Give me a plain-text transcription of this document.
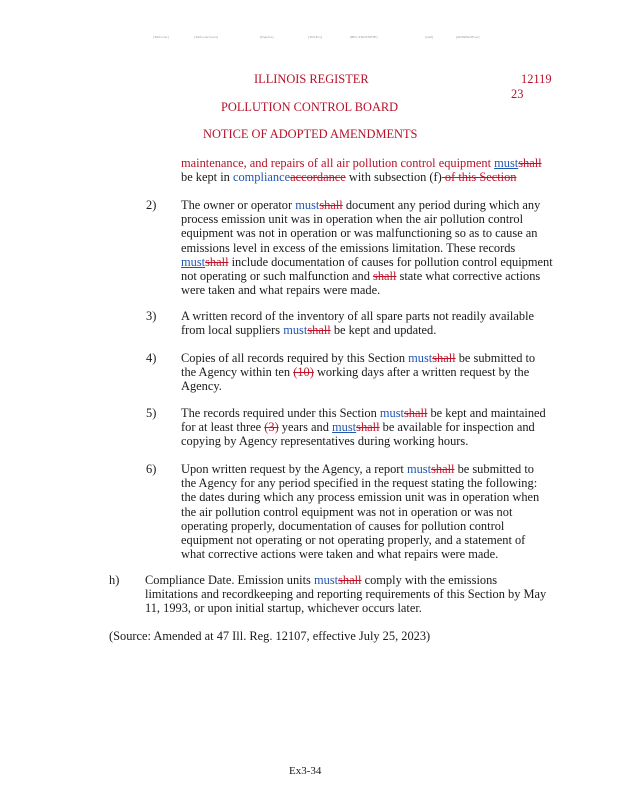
[Tabfooter]	[Tabfooterfooter]	[Pagefoo]	[TitleFoo]	[BEG-FOOTNOTE]	[ssa0]	[M2ShHardFoot]
ILLINOIS REGISTER	12119
23
POLLUTION CONTROL BOARD
NOTICE OF ADOPTED AMENDMENTS
maintenance, and repairs of all air pollution control equipment mustshall
be kept in complianceaccordance with subsection (f) of this Section
2)	The owner or operator mustshall document any period during which any
process emission unit was in operation when the air pollution control
equipment was not in operation or was malfunctioning so as to cause an
emissions level in excess of the emissions limitation. These records
mustshall include documentation of causes for pollution control equipment
not operating or such malfunction and shall state what corrective actions
were taken and what repairs were made.
3)	A written record of the inventory of all spare parts not readily available
from local suppliers mustshall be kept and updated.
4)	Copies of all records required by this Section mustshall be submitted to
the Agency within ten (10) working days after a written request by the
Agency.
5)	The records required under this Section mustshall be kept and maintained
for at least three (3) years and mustshall be available for inspection and
copying by Agency representatives during working hours.
6)	Upon written request by the Agency, a report mustshall be submitted to
the Agency for any period specified in the request stating the following:
the dates during which any process emission unit was in operation when
the air pollution control equipment was not in operation or was not
operating properly, documentation of causes for pollution control
equipment not operating or not operating properly, and a statement of
what corrective actions were taken and what repairs were made.
h)	Compliance Date. Emission units mustshall comply with the emissions
limitations and recordkeeping and reporting requirements of this Section by May
11, 1993, or upon initial startup, whichever occurs later.
(Source: Amended at 47 Ill. Reg. 12107, effective July 25, 2023)
Ex3-34
